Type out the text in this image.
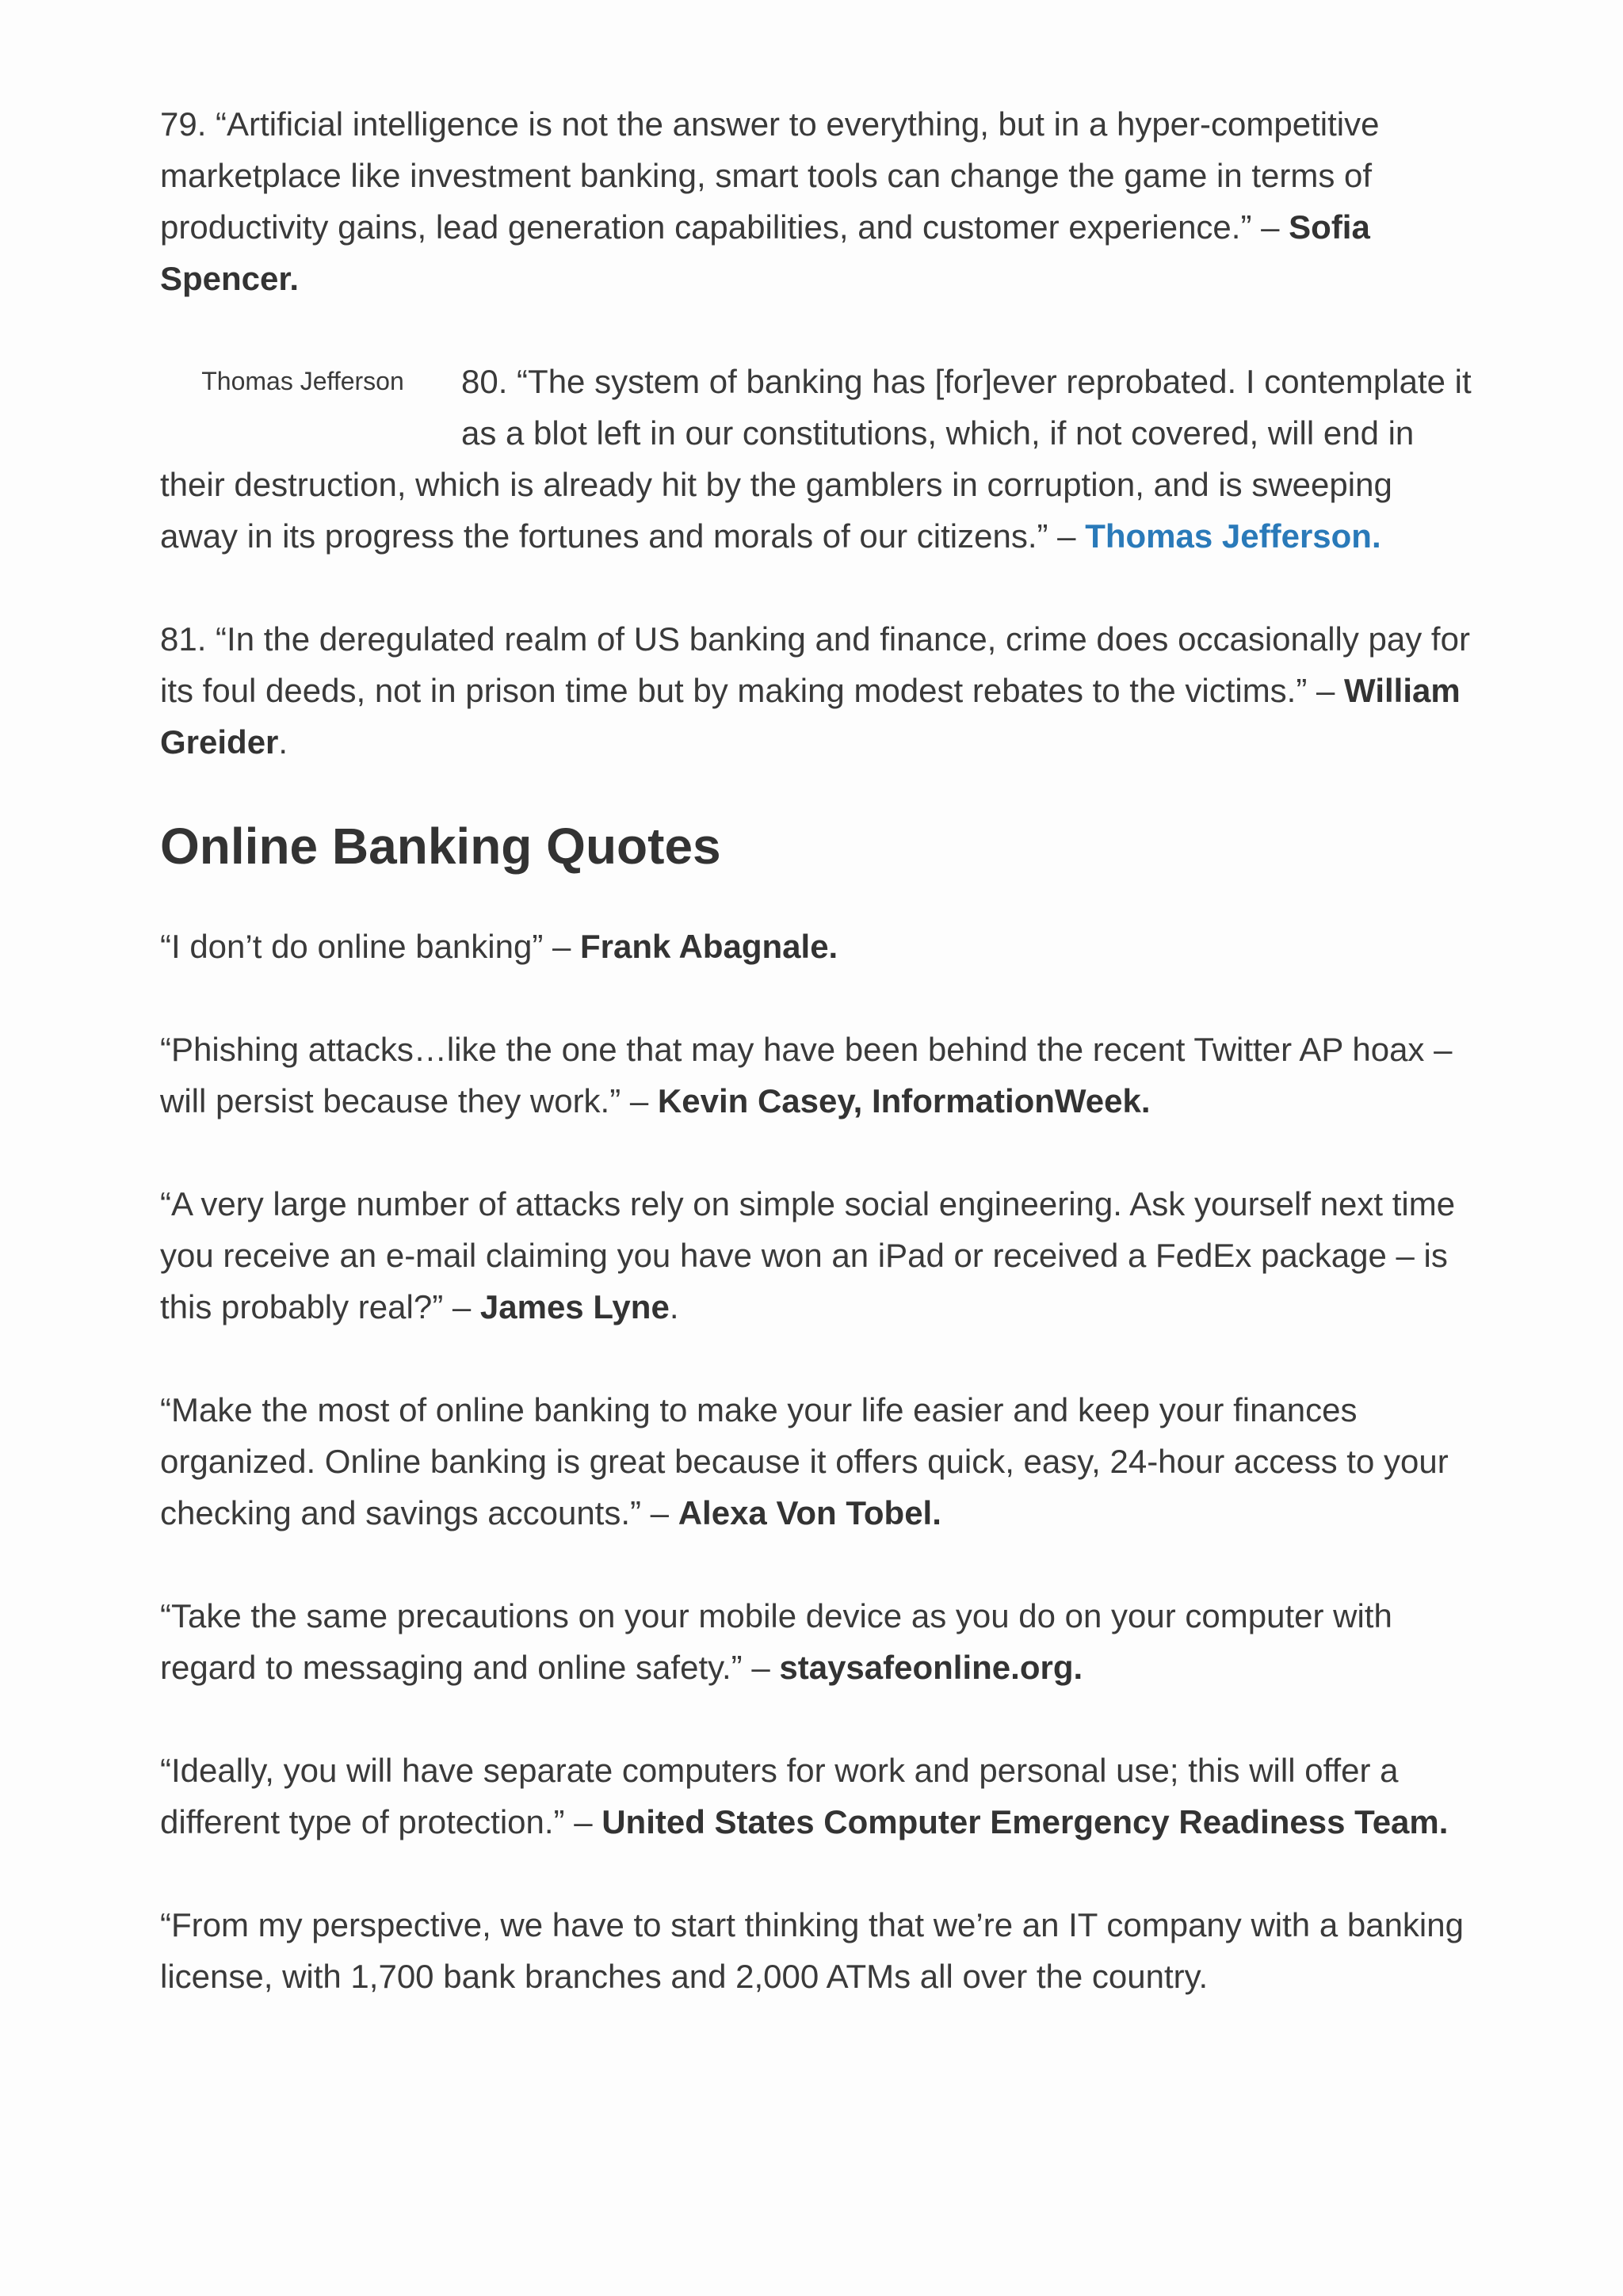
79. “Artificial intelligence is not the answer to everything, but in a hyper-competitive marketplace like investment banking, smart tools can change the game in terms of productivity gains, lead generation capabilities, and customer experience.” – Sofia Spencer.

Thomas Jefferson	80. “The system of banking has [for]ever reprobated. I contemplate it as a blot left in our constitutions, which, if not covered, will end in their destruction, which is already hit by the gamblers in corruption, and is sweeping away in its progress the fortunes and morals of our citizens.” – Thomas Jefferson.

81. “In the deregulated realm of US banking and finance, crime does occasionally pay for its foul deeds, not in prison time but by making modest rebates to the victims.” – William Greider.

Online Banking Quotes

“I don’t do online banking” – Frank Abagnale.

“Phishing attacks…like the one that may have been behind the recent Twitter AP hoax –will persist because they work.” – Kevin Casey, InformationWeek.

“A very large number of attacks rely on simple social engineering. Ask yourself next time you receive an e-mail claiming you have won an iPad or received a FedEx package – is this probably real?” – James Lyne.

“Make the most of online banking to make your life easier and keep your finances organized. Online banking is great because it offers quick, easy, 24-hour access to your checking and savings accounts.” – Alexa Von Tobel.

“Take the same precautions on your mobile device as you do on your computer with regard to messaging and online safety.” – staysafeonline.org.

“Ideally, you will have separate computers for work and personal use; this will offer a different type of protection.” – United States Computer Emergency Readiness Team.

“From my perspective, we have to start thinking that we’re an IT company with a banking license, with 1,700 bank branches and 2,000 ATMs all over the country.
